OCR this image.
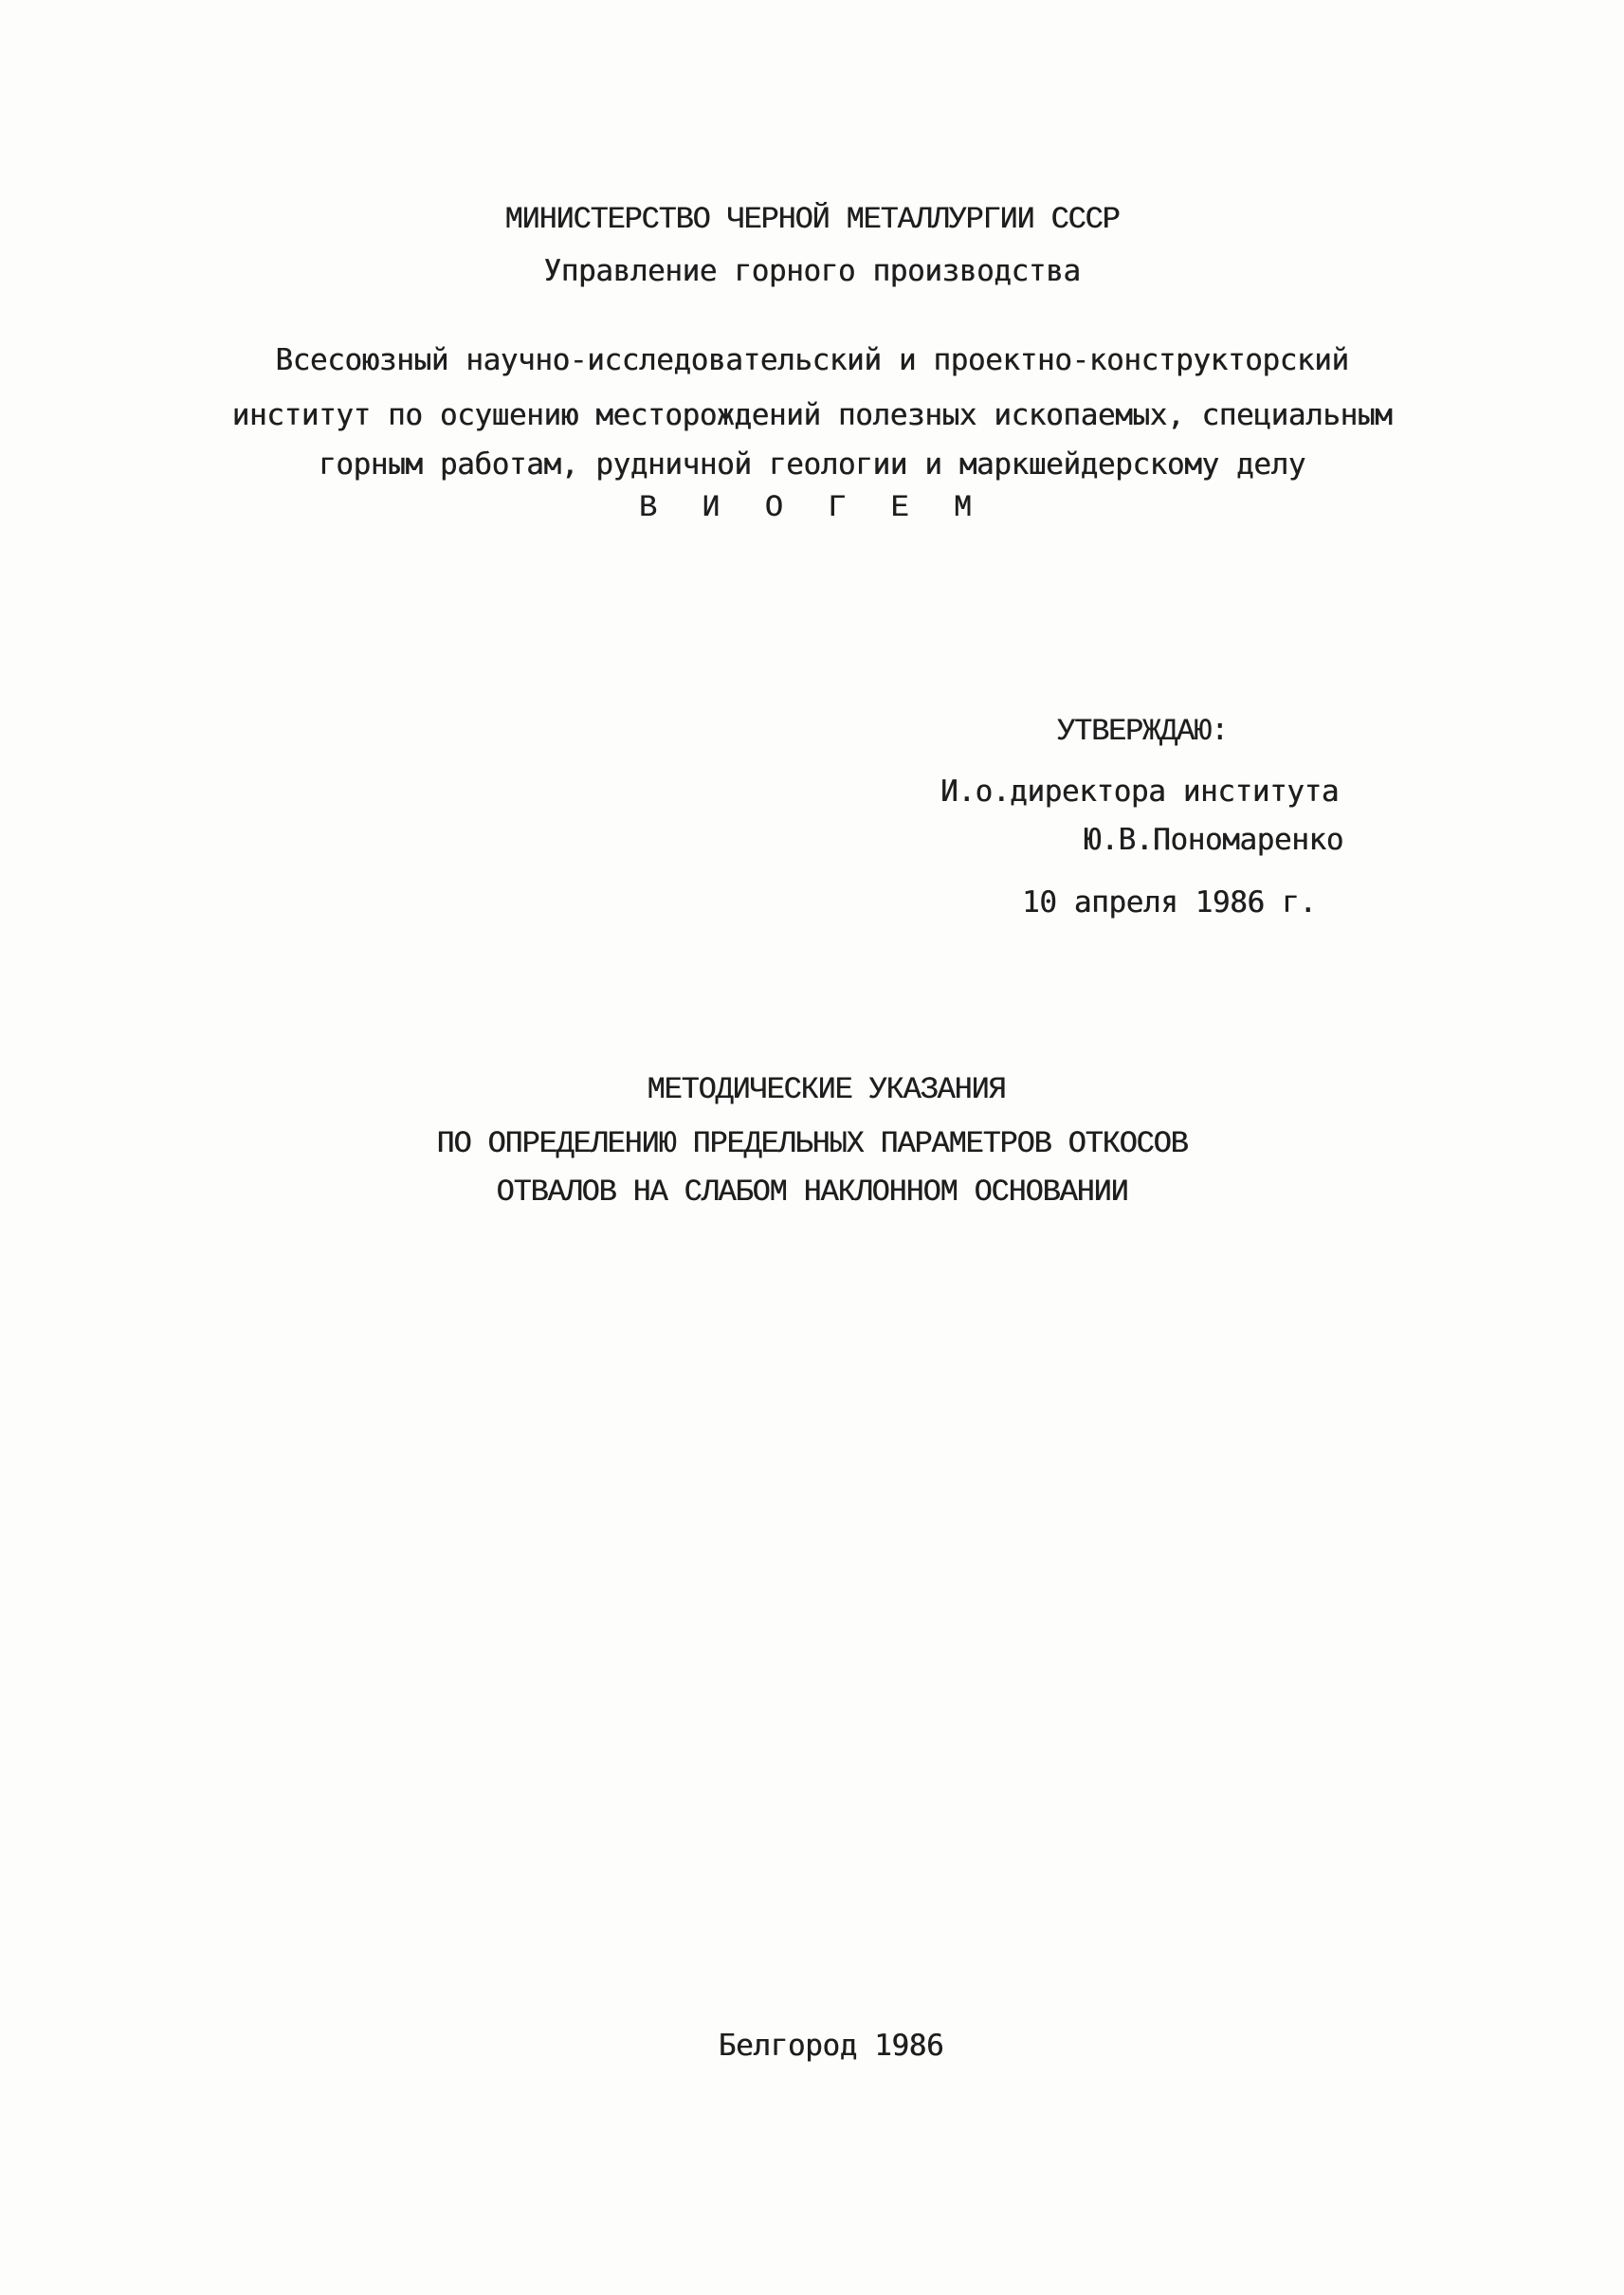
МИНИСТЕРСТВО ЧЕРНОЙ МЕТАЛЛУРГИИ СССР
Управление горного производства
Всесоюзный научно-исследовательский и проектно-конструкторский
институт по осушению месторождений полезных ископаемых, специальным
горным работам, рудничной геологии и маркшейдерскому делу
В И О Г Е М
УТВЕРЖДАЮ:
И.о.директора института
Ю.В.Пономаренко
10 апреля 1986 г.
МЕТОДИЧЕСКИЕ УКАЗАНИЯ
ПО ОПРЕДЕЛЕНИЮ ПРЕДЕЛЬНЫХ ПАРАМЕТРОВ ОТКОСОВ
ОТВАЛОВ НА СЛАБОМ НАКЛОННОМ ОСНОВАНИИ
Белгород 1986
